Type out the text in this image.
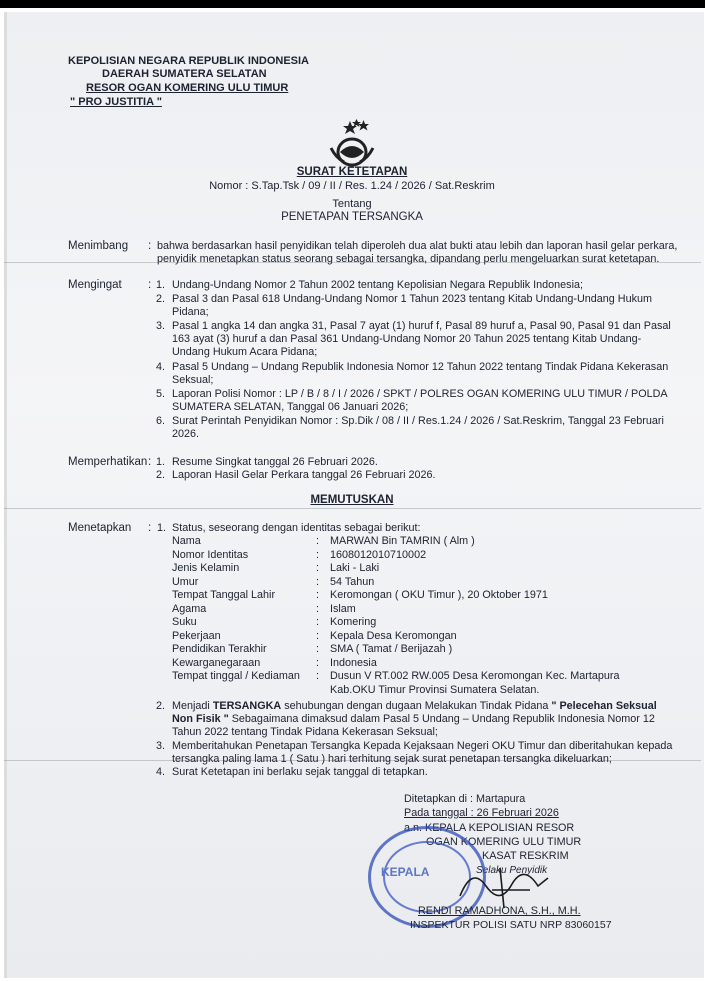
KEPOLISIAN NEGARA REPUBLIK INDONESIA
DAERAH SUMATERA SELATAN
RESOR OGAN KOMERING ULU TIMUR
" PRO JUSTITIA "
SURAT KETETAPAN
Nomor : S.Tap.Tsk / 09 / II / Res. 1.24 / 2026 / Sat.Reskrim
Tentang
PENETAPAN TERSANGKA
Menimbang : bahwa berdasarkan hasil penyidikan telah diperoleh dua alat bukti atau lebih dan laporan hasil gelar perkara,
penyidik menetapkan status seorang sebagai tersangka, dipandang perlu mengeluarkan surat ketetapan.
Mengingat : 1. Undang-Undang Nomor 2 Tahun 2002 tentang Kepolisian Negara Republik Indonesia;
2. Pasal 3 dan Pasal 618 Undang-Undang Nomor 1 Tahun 2023 tentang Kitab Undang-Undang Hukum
Pidana;
3. Pasal 1 angka 14 dan angka 31, Pasal 7 ayat (1) huruf f, Pasal 89 huruf a, Pasal 90, Pasal 91 dan Pasal
163 ayat (3) huruf a dan Pasal 361 Undang-Undang Nomor 20 Tahun 2025 tentang Kitab Undang-
Undang Hukum Acara Pidana;
4. Pasal 5 Undang – Undang Republik Indonesia Nomor 12 Tahun 2022 tentang Tindak Pidana Kekerasan
Seksual;
5. Laporan Polisi Nomor : LP / B / 8 / I / 2026 / SPKT / POLRES OGAN KOMERING ULU TIMUR / POLDA
SUMATERA SELATAN, Tanggal 06 Januari 2026;
6. Surat Perintah Penyidikan Nomor : Sp.Dik / 08 / II / Res.1.24 / 2026 / Sat.Reskrim, Tanggal 23 Februari
2026.
Memperhatikan : 1. Resume Singkat tanggal 26 Februari 2026.
2. Laporan Hasil Gelar Perkara tanggal 26 Februari 2026.
MEMUTUSKAN
Menetapkan : 1. Status, seseorang dengan identitas sebagai berikut:
Nama	: MARWAN Bin TAMRIN ( Alm )
Nomor Identitas	: 1608012010710002
Jenis Kelamin	: Laki - Laki
Umur	: 54 Tahun
Tempat Tanggal Lahir	: Keromongan ( OKU Timur ), 20 Oktober 1971
Agama	: Islam
Suku	: Komering
Pekerjaan	: Kepala Desa Keromongan
Pendidikan Terakhir	: SMA ( Tamat / Berijazah )
Kewarganegaraan	: Indonesia
Tempat tinggal / Kediaman : Dusun V RT.002 RW.005 Desa Keromongan Kec. Martapura
Kab.OKU Timur Provinsi Sumatera Selatan.
2. Menjadi TERSANGKA sehubungan dengan dugaan Melakukan Tindak Pidana " Pelecehan Seksual
Non Fisik " Sebagaimana dimaksud dalam Pasal 5 Undang – Undang Republik Indonesia Nomor 12
Tahun 2022 tentang Tindak Pidana Kekerasan Seksual;
3. Memberitahukan Penetapan Tersangka Kepada Kejaksaan Negeri OKU Timur dan diberitahukan kepada
tersangka paling lama 1 ( Satu ) hari terhitung sejak surat penetapan tersangka dikeluarkan;
4. Surat Ketetapan ini berlaku sejak tanggal di tetapkan.
Ditetapkan di : Martapura
Pada tanggal : 26 Februari 2026
a.n. KEPALA KEPOLISIAN RESOR
OGAN KOMERING ULU TIMUR
KASAT RESKRIM
Selaku Penyidik
KEPALA
RENDI RAMADHONA, S.H., M.H.
INSPEKTUR POLISI SATU NRP 83060157
